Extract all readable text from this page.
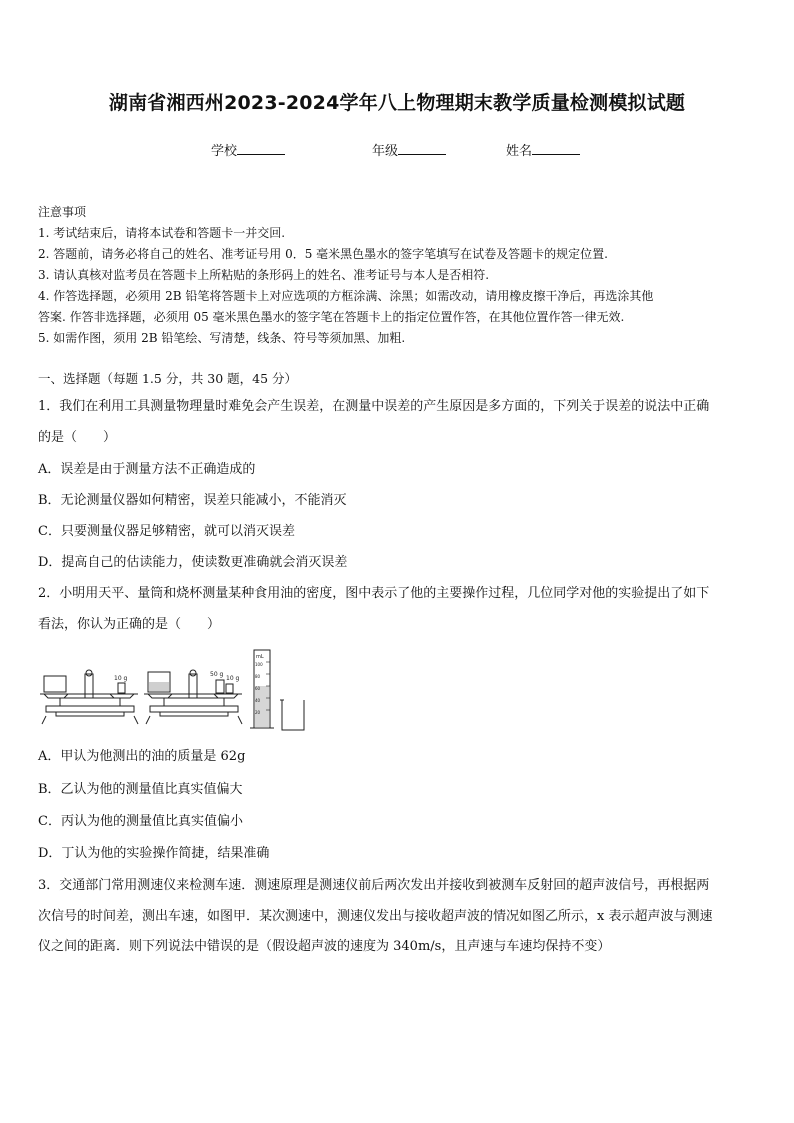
湖南省湘西州2023-2024学年八上物理期末教学质量检测模拟试题
学校	年级	姓名
注意事项
1. 考试结束后，请将本试卷和答题卡一并交回.
2. 答题前，请务必将自己的姓名、准考证号用 0．5 毫米黑色墨水的签字笔填写在试卷及答题卡的规定位置.
3. 请认真核对监考员在答题卡上所粘贴的条形码上的姓名、准考证号与本人是否相符.
4. 作答选择题，必须用 2B 铅笔将答题卡上对应选项的方框涂满、涂黑；如需改动，请用橡皮擦干净后，再选涂其他
答案. 作答非选择题，必须用 05 毫米黑色墨水的签字笔在答题卡上的指定位置作答，在其他位置作答一律无效.
5. 如需作图，须用 2B 铅笔绘、写清楚，线条、符号等须加黑、加粗.
一、选择题（每题 1.5 分，共 30 题，45 分）
1．我们在利用工具测量物理量时难免会产生误差，在测量中误差的产生原因是多方面的，下列关于误差的说法中正确
的是（　　）
A．误差是由于测量方法不正确造成的
B．无论测量仪器如何精密，误差只能减小，不能消灭
C．只要测量仪器足够精密，就可以消灭误差
D．提高自己的估读能力，使读数更准确就会消灭误差
2．小明用天平、量筒和烧杯测量某种食用油的密度，图中表示了他的主要操作过程，几位同学对他的实验提出了如下
看法，你认为正确的是（　　）
10 g
50 g
10 g
mL
100
80
60
40
20
A．甲认为他测出的油的质量是 62g
B．乙认为他的测量值比真实值偏大
C．丙认为他的测量值比真实值偏小
D．丁认为他的实验操作简捷，结果准确
3．交通部门常用测速仪来检测车速．测速原理是测速仪前后两次发出并接收到被测车反射回的超声波信号，再根据两
次信号的时间差，测出车速，如图甲．某次测速中，测速仪发出与接收超声波的情况如图乙所示，x 表示超声波与测速
仪之间的距离．则下列说法中错误的是（假设超声波的速度为 340m/s，且声速与车速均保持不变）
